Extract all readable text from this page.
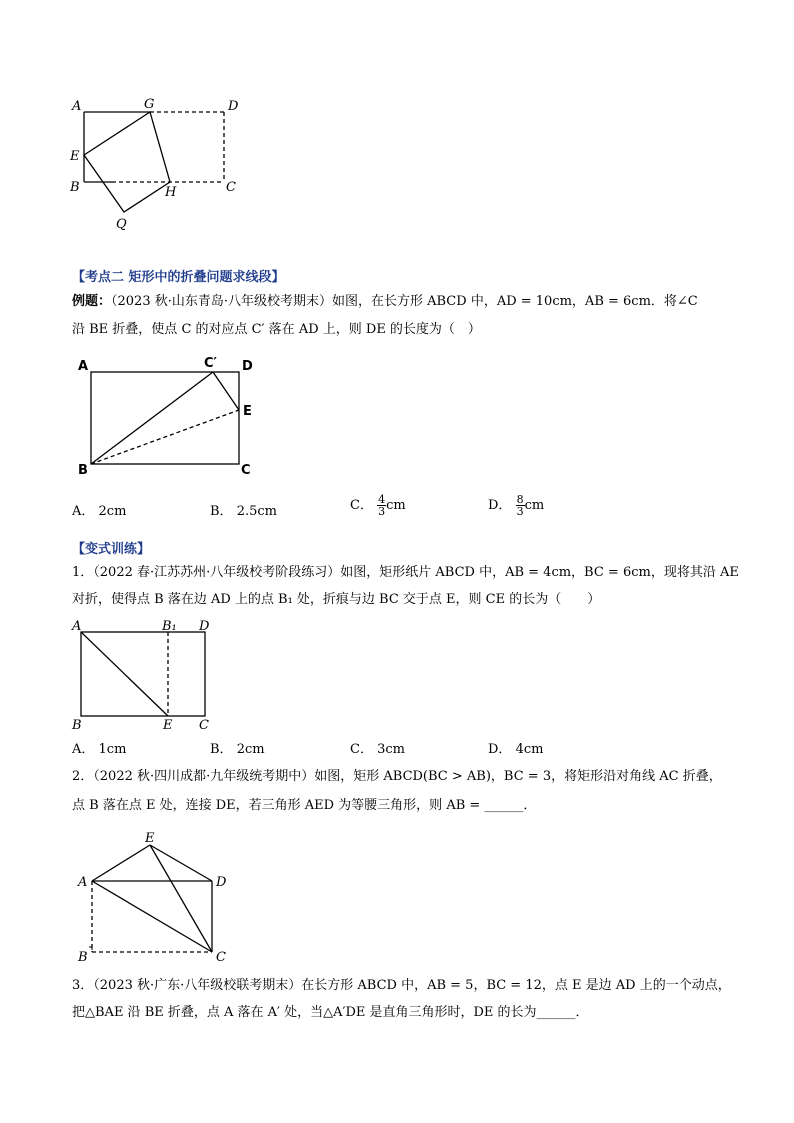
A	G	D
E
B	H	C
Q
【考点二 矩形中的折叠问题求线段】
例题：（2023 秋·山东青岛·八年级校考期末）如图，在长方形 ABCD 中，AD = 10cm，AB = 6cm．将∠C
沿 BE 折叠，使点 C 的对应点 C′ 落在 AD 上，则 DE 的长度为（　）
A	C′ D
E
B	C
A． 2cm	B． 2.5cm	C． $\frac{4}{3}$ cm	D． $\frac{8}{3}$ cm
【变式训练】
1．（2022 春·江苏苏州·八年级校考阶段练习）如图，矩形纸片 ABCD 中，AB = 4cm，BC = 6cm，现将其沿 AE
对折，使得点 B 落在边 AD 上的点 B₁ 处，折痕与边 BC 交于点 E，则 CE 的长为（　　）
A	B₁ D
B	E C
A． 1cm	B． 2cm	C． 3cm	D． 4cm
2．（2022 秋·四川成都·九年级统考期中）如图，矩形 ABCD(BC > AB)，BC = 3，将矩形沿对角线 AC 折叠，
点 B 落在点 E 处，连接 DE，若三角形 AED 为等腰三角形，则 AB = ______．
E
A	D
B	C
3．（2023 秋·广东·八年级校联考期末）在长方形 ABCD 中，AB = 5，BC = 12，点 E 是边 AD 上的一个动点，
把△BAE 沿 BE 折叠，点 A 落在 A′ 处，当△A′DE 是直角三角形时，DE 的长为______．
